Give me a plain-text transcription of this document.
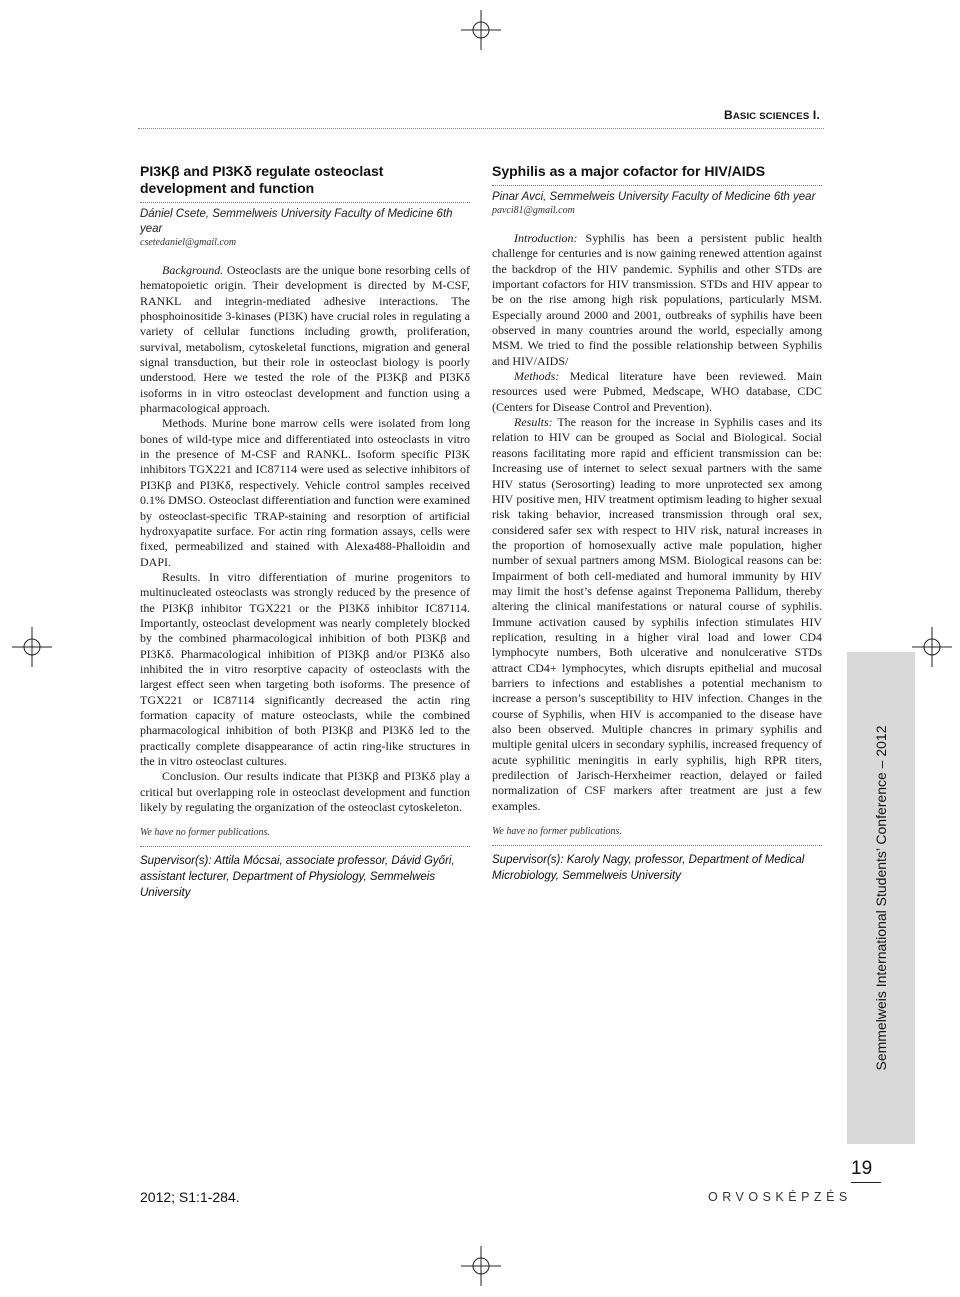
BASIC SCIENCES I.
PI3Kβ and PI3Kδ regulate osteoclast development and function
Dániel Csete, Semmelweis University Faculty of Medicine 6th year
csetedaniel@gmail.com

Background. Osteoclasts are the unique bone resorbing cells of hematopoietic origin. Their development is directed by M-CSF, RANKL and integrin-mediated adhesive interactions. The phosphoinositide 3-kinases (PI3K) have crucial roles in regulating a variety of cellular functions including growth, proliferation, survival, metabolism, cytoskeletal functions, migration and general signal transduction, but their role in osteoclast biology is poorly understood. Here we tested the role of the PI3Kβ and PI3Kδ isoforms in in vitro osteoclast development and function using a pharmacological approach.

Methods. Murine bone marrow cells were isolated from long bones of wild-type mice and differentiated into osteoclasts in vitro in the presence of M-CSF and RANKL. Isoform specific PI3K inhibitors TGX221 and IC87114 were used as selective inhibitors of PI3Kβ and PI3Kδ, respectively. Vehicle control samples received 0.1% DMSO. Osteoclast differentiation and function were examined by osteoclast-specific TRAP-staining and resorption of artificial hydroxyapatite surface. For actin ring formation assays, cells were fixed, permeabilized and stained with Alexa488-Phalloidin and DAPI.

Results. In vitro differentiation of murine progenitors to multinucleated osteoclasts was strongly reduced by the presence of the PI3Kβ inhibitor TGX221 or the PI3Kδ inhibitor IC87114. Importantly, osteoclast development was nearly completely blocked by the combined pharmacological inhibition of both PI3Kβ and PI3Kδ. Pharmacological inhibition of PI3Kβ and/or PI3Kδ also inhibited the in vitro resorptive capacity of osteoclasts with the largest effect seen when targeting both isoforms. The presence of TGX221 or IC87114 significantly decreased the actin ring formation capacity of mature osteoclasts, while the combined pharmacological inhibition of both PI3Kβ and PI3Kδ led to the practically complete disappearance of actin ring-like structures in the in vitro osteoclast cultures.

Conclusion. Our results indicate that PI3Kβ and PI3Kδ play a critical but overlapping role in osteoclast development and function likely by regulating the organization of the osteoclast cytoskeleton.

We have no former publications.
Supervisor(s): Attila Mócsai, associate professor, Dávid Győri, assistant lecturer, Department of Physiology, Semmelweis University
Syphilis as a major cofactor for HIV/AIDS
Pinar Avci, Semmelweis University Faculty of Medicine 6th year
pavci81@gmail.com

Introduction: Syphilis has been a persistent public health challenge for centuries and is now gaining renewed attention against the backdrop of the HIV pandemic. Syphilis and other STDs are important cofactors for HIV transmission. STDs and HIV appear to be on the rise among high risk populations, particularly MSM. Especially around 2000 and 2001, outbreaks of syphilis have been observed in many countries around the world, especially among MSM. We tried to find the possible relationship between Syphilis and HIV/AIDS/

Methods: Medical literature have been reviewed. Main resources used were Pubmed, Medscape, WHO database, CDC (Centers for Disease Control and Prevention).

Results: The reason for the increase in Syphilis cases and its relation to HIV can be grouped as Social and Biological. Social reasons facilitating more rapid and efficient transmission can be: Increasing use of internet to select sexual partners with the same HIV status (Serosorting) leading to more unprotected sex among HIV positive men, HIV treatment optimism leading to higher sexual risk taking behavior, increased transmission through oral sex, considered safer sex with respect to HIV risk, natural increases in the proportion of homosexually active male population, higher number of sexual partners among MSM. Biological reasons can be: Impairment of both cell-mediated and humoral immunity by HIV may limit the host’s defense against Treponema Pallidum, thereby altering the clinical manifestations or natural course of syphilis. Immune activation caused by syphilis infection stimulates HIV replication, resulting in a higher viral load and lower CD4 lymphocyte numbers, Both ulcerative and nonulcerative STDs attract CD4+ lymphocytes, which disrupts epithelial and mucosal barriers to infections and establishes a potential mechanism to increase a person’s susceptibility to HIV infection. Changes in the course of Syphilis, when HIV is accompanied to the disease have also been observed. Multiple chancres in primary syphilis and multiple genital ulcers in secondary syphilis, increased frequency of acute syphilitic meningitis in early syphilis, high RPR titers, predilection of Jarisch-Herxheimer reaction, delayed or failed normalization of CSF markers after treatment are just a few examples.

We have no former publications.
Supervisor(s): Karoly Nagy, professor, Department of Medical Microbiology, Semmelweis University	Semmelweis International Students’ Conference – 2012
19
2012; S1:1-284.	ORVOSKÉPZÉS
